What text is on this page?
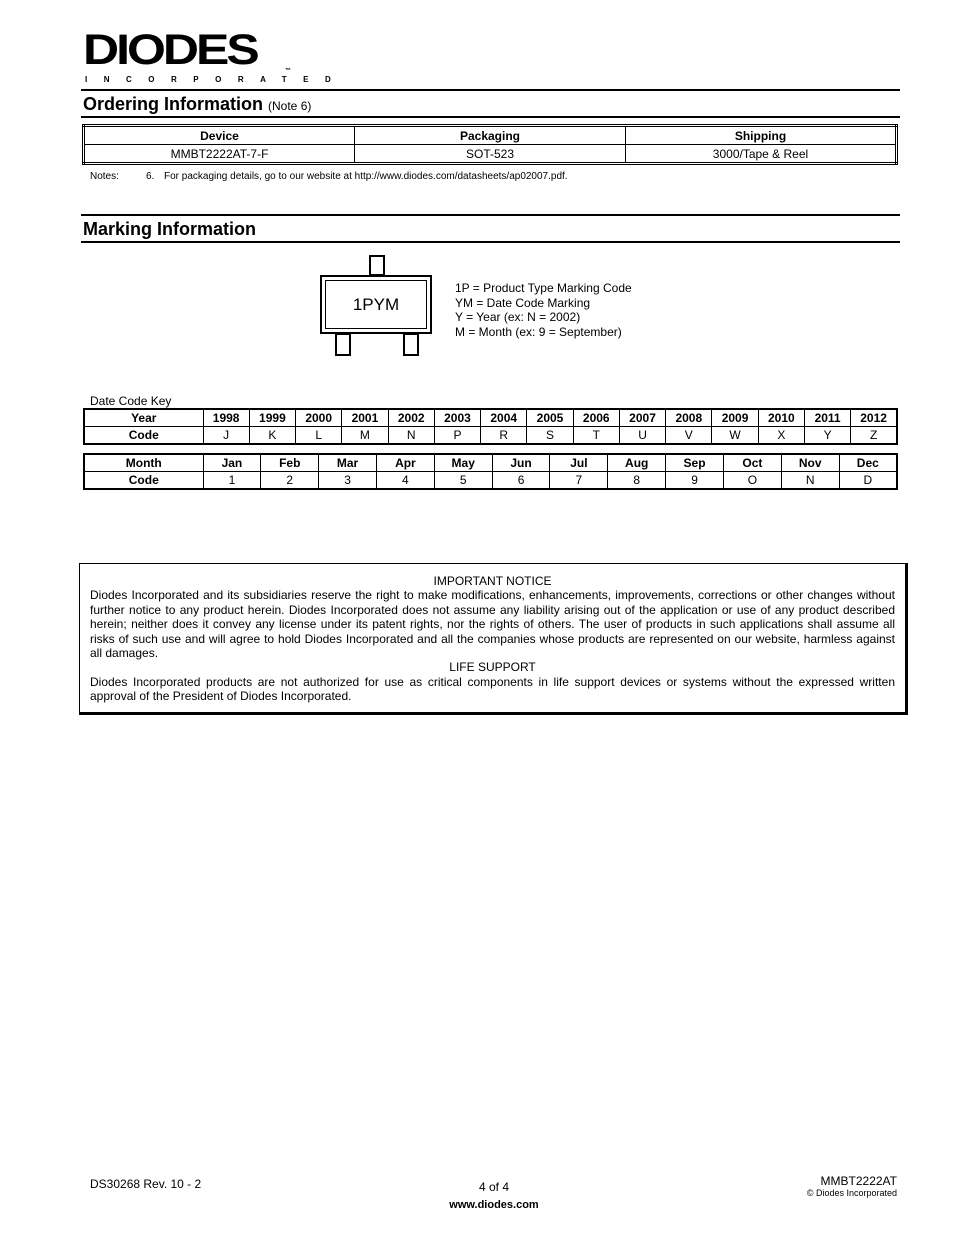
DIODES
INCORPORATED
™
Ordering Information (Note 6)
Device	Packaging	Shipping
MMBT2222AT-7-F	SOT-523	3000/Tape & Reel
Notes:	6. For packaging details, go to our website at http://www.diodes.com/datasheets/ap02007.pdf.
Marking Information
1PYM
1P = Product Type Marking Code
YM = Date Code Marking
Y = Year (ex: N = 2002)
M = Month (ex: 9 = September)
Date Code Key
Year	1998	1999	2000	2001	2002	2003	2004	2005	2006	2007	2008	2009	2010	2011	2012
Code	J	K	L	M	N	P	R	S	T	U	V	W	X	Y	Z
Month	Jan	Feb	Mar	Apr	May	Jun	Jul	Aug	Sep	Oct	Nov	Dec
Code	1	2	3	4	5	6	7	8	9	O	N	D
IMPORTANT NOTICE
Diodes Incorporated and its subsidiaries reserve the right to make modifications, enhancements, improvements, corrections or other changes without further notice to any product herein. Diodes Incorporated does not assume any liability arising out of the application or use of any product described herein; neither does it convey any license under its patent rights, nor the rights of others. The user of products in such applications shall assume all risks of such use and will agree to hold Diodes Incorporated and all the companies whose products are represented on our website, harmless against all damages.
LIFE SUPPORT
Diodes Incorporated products are not authorized for use as critical components in life support devices or systems without the expressed written approval of the President of Diodes Incorporated.
DS30268 Rev. 10 - 2	4 of 4
www.diodes.com
MMBT2222AT
© Diodes Incorporated
